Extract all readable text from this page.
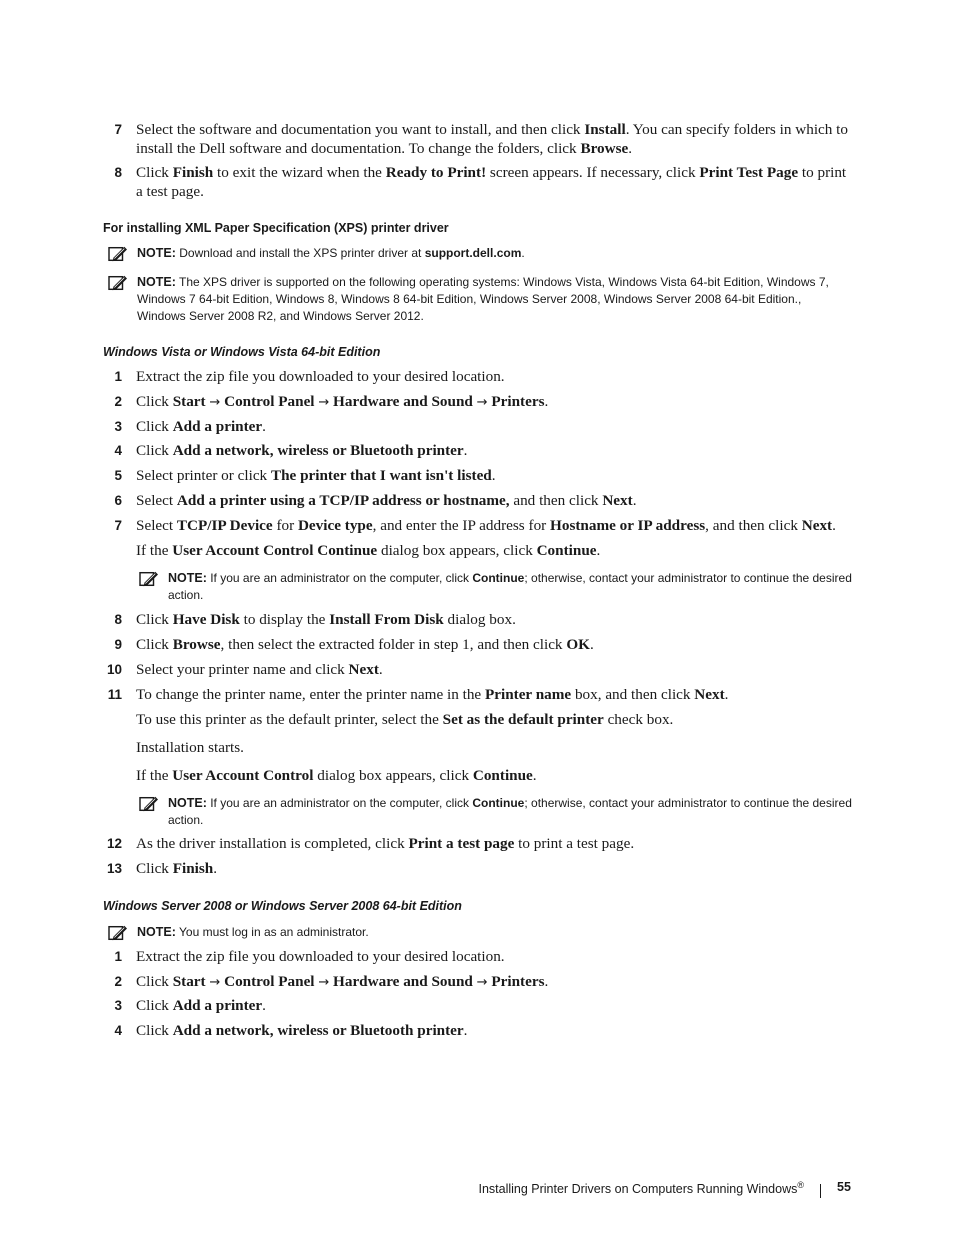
7 Select the software and documentation you want to install, and then click Install. You can specify folders in which to install the Dell software and documentation. To change the folders, click Browse.
8 Click Finish to exit the wizard when the Ready to Print! screen appears. If necessary, click Print Test Page to print a test page.
For installing XML Paper Specification (XPS) printer driver
NOTE: Download and install the XPS printer driver at support.dell.com.
NOTE: The XPS driver is supported on the following operating systems: Windows Vista, Windows Vista 64-bit Edition, Windows 7, Windows 7 64-bit Edition, Windows 8, Windows 8 64-bit Edition, Windows Server 2008, Windows Server 2008 64-bit Edition., Windows Server 2008 R2, and Windows Server 2012.
Windows Vista or Windows Vista 64-bit Edition
1 Extract the zip file you downloaded to your desired location.
2 Click Start → Control Panel → Hardware and Sound → Printers.
3 Click Add a printer.
4 Click Add a network, wireless or Bluetooth printer.
5 Select printer or click The printer that I want isn't listed.
6 Select Add a printer using a TCP/IP address or hostname, and then click Next.
7 Select TCP/IP Device for Device type, and enter the IP address for Hostname or IP address, and then click Next.
If the User Account Control Continue dialog box appears, click Continue.
NOTE: If you are an administrator on the computer, click Continue; otherwise, contact your administrator to continue the desired action.
8 Click Have Disk to display the Install From Disk dialog box.
9 Click Browse, then select the extracted folder in step 1, and then click OK.
10 Select your printer name and click Next.
11 To change the printer name, enter the printer name in the Printer name box, and then click Next.
To use this printer as the default printer, select the Set as the default printer check box.
Installation starts.
If the User Account Control dialog box appears, click Continue.
NOTE: If you are an administrator on the computer, click Continue; otherwise, contact your administrator to continue the desired action.
12 As the driver installation is completed, click Print a test page to print a test page.
13 Click Finish.
Windows Server 2008 or Windows Server 2008 64-bit Edition
NOTE: You must log in as an administrator.
1 Extract the zip file you downloaded to your desired location.
2 Click Start → Control Panel → Hardware and Sound → Printers.
3 Click Add a printer.
4 Click Add a network, wireless or Bluetooth printer.
Installing Printer Drivers on Computers Running Windows®	55
